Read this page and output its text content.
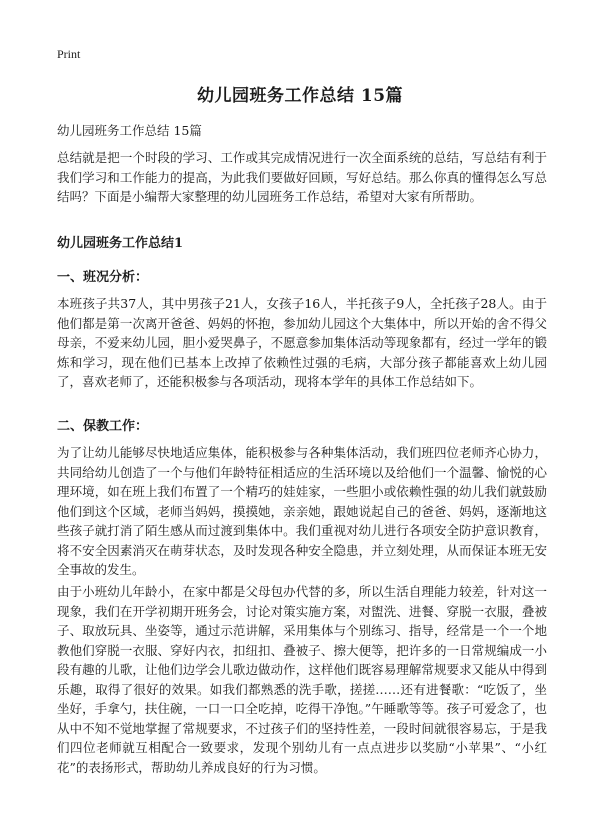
Print
幼儿园班务工作总结 15篇
幼儿园班务工作总结 15篇

总结就是把一个时段的学习、工作或其完成情况进行一次全面系统的总结，写总结有利于我们学习和工作能力的提高，为此我们要做好回顾，写好总结。那么你真的懂得怎么写总结吗？下面是小编帮大家整理的幼儿园班务工作总结，希望对大家有所帮助。

幼儿园班务工作总结1
一、班况分析：

本班孩子共37人，其中男孩子21人，女孩子16人，半托孩子9人，全托孩子28人。由于他们都是第一次离开爸爸、妈妈的怀抱，参加幼儿园这个大集体中，所以开始的舍不得父母亲，不爱来幼儿园，胆小爱哭鼻子，不愿意参加集体活动等现象都有，经过一学年的锻炼和学习，现在他们已基本上改掉了依赖性过强的毛病，大部分孩子都能喜欢上幼儿园了，喜欢老师了，还能积极参与各项活动，现将本学年的具体工作总结如下。

二、保教工作：

为了让幼儿能够尽快地适应集体，能积极参与各种集体活动，我们班四位老师齐心协力，共同给幼儿创造了一个与他们年龄特征相适应的生活环境以及给他们一个温馨、愉悦的心理环境，如在班上我们布置了一个精巧的娃娃家，一些胆小或依赖性强的幼儿我们就鼓励他们到这个区域，老师当妈妈，摸摸她，亲亲她，跟她说起自己的爸爸、妈妈，逐渐地这些孩子就打消了陌生感从而过渡到集体中。我们重视对幼儿进行各项安全防护意识教育，将不安全因素消灭在萌芽状态，及时发现各种安全隐患，并立刻处理，从而保证本班无安全事故的发生。

由于小班幼儿年龄小，在家中都是父母包办代替的多，所以生活自理能力较差，针对这一现象，我们在开学初期开班务会，讨论对策实施方案，对盥洗、进餐、穿脱一衣服，叠被子、取放玩具、坐姿等，通过示范讲解，采用集体与个别练习、指导，经常是一个一个地教他们穿脱一衣服、穿好内衣，扣纽扣、叠被子、擦大便等，把许多的一日常规编成一小段有趣的儿歌，让他们边学会儿歌边做动作，这样他们既容易理解常规要求又能从中得到乐趣，取得了很好的效果。如我们都熟悉的洗手歌，搓搓……还有进餐歌：“吃饭了，坐坐好，手拿勺，扶住碗，一口一口全吃掉，吃得干净饱。”午睡歌等等。孩子可爱念了，也从中不知不觉地掌握了常规要求，不过孩子们的坚持性差，一段时间就很容易忘，于是我们四位老师就互相配合一致要求，发现个别幼儿有一点点进步以奖励“小苹果”、“小红花”的表扬形式，帮助幼儿养成良好的行为习惯。
